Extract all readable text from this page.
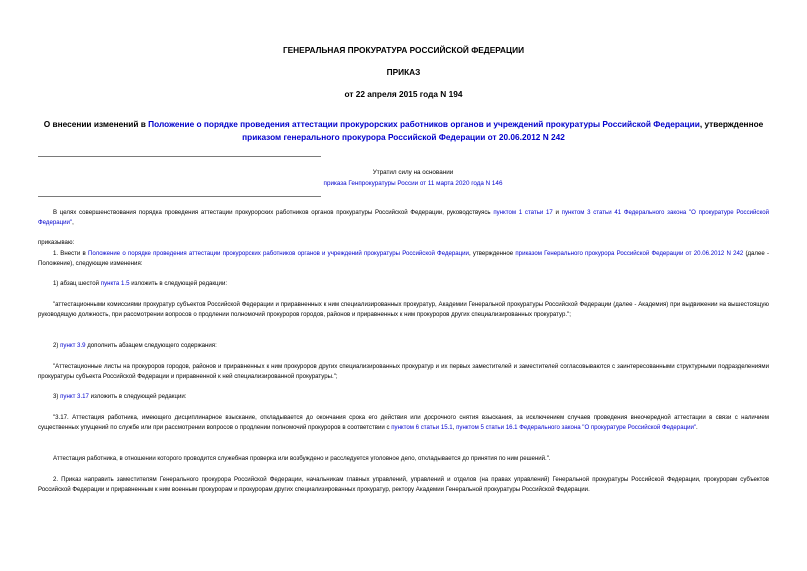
ГЕНЕРАЛЬНАЯ ПРОКУРАТУРА РОССИЙСКОЙ ФЕДЕРАЦИИ
ПРИКАЗ
от 22 апреля 2015 года N 194
О внесении изменений в Положение о порядке проведения аттестации прокурорских работников органов и учреждений прокуратуры Российской Федерации, утвержденное приказом генерального прокурора Российской Федерации от 20.06.2012 N 242
Утратил силу на основании
приказа Генпрокуратуры России от 11 марта 2020 года N 146
В целях совершенствования порядка проведения аттестации прокурорских работников органов прокуратуры Российской Федерации, руководствуясь пунктом 1 статьи 17 и пунктом 3 статьи 41 Федерального закона "О прокуратуре Российской Федерации",
приказываю:
1. Внести в Положение о порядке проведения аттестации прокурорских работников органов и учреждений прокуратуры Российской Федерации, утвержденное приказом Генерального прокурора Российской Федерации от 20.06.2012 N 242 (далее - Положение), следующие изменения:
1) абзац шестой пункта 1.5 изложить в следующей редакции:
"аттестационными комиссиями прокуратур субъектов Российской Федерации и приравненных к ним специализированных прокуратур, Академии Генеральной прокуратуры Российской Федерации (далее - Академия) при выдвижении на вышестоящую руководящую должность, при рассмотрении вопросов о продлении полномочий прокуроров городов, районов и приравненных к ним прокуроров других специализированных прокуратур.";
2) пункт 3.9 дополнить абзацем следующего содержания:
"Аттестационные листы на прокуроров городов, районов и приравненных к ним прокуроров других специализированных прокуратур и их первых заместителей и заместителей согласовываются с заинтересованными структурными подразделениями прокуратуры субъекта Российской Федерации и приравненной к ней специализированной прокуратуры.";
3) пункт 3.17 изложить в следующей редакции:
"3.17. Аттестация работника, имеющего дисциплинарное взыскание, откладывается до окончания срока его действия или досрочного снятия взыскания, за исключением случаев проведения внеочередной аттестации в связи с наличием существенных упущений по службе или при рассмотрении вопросов о продлении полномочий прокуроров в соответствии с пунктом 6 статьи 15.1, пунктом 5 статьи 16.1 Федерального закона "О прокуратуре Российской Федерации".
Аттестация работника, в отношении которого проводится служебная проверка или возбуждено и расследуется уголовное дело, откладывается до принятия по ним решений.".
2. Приказ направить заместителям Генерального прокурора Российской Федерации, начальникам главных управлений, управлений и отделов (на правах управлений) Генеральной прокуратуры Российской Федерации, прокурорам субъектов Российской Федерации и приравненным к ним военным прокурорам и прокурорам других специализированных прокуратур, ректору Академии Генеральной прокуратуры Российской Федерации.
